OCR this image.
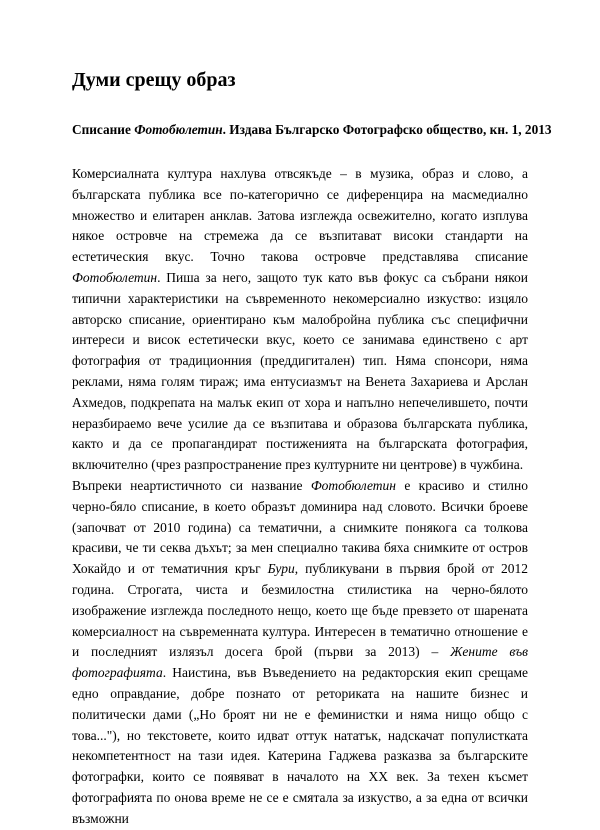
Думи срещу образ

Списание Фотобюлетин. Издава Българско Фотографско общество, кн. 1, 2013

Комерсиалната култура нахлува отвсякъде – в музика, образ и слово, а българската публика все по-категорично се диференцира на масмедиално множество и елитарен анклав. Затова изглежда освежително, когато изплува някое островче на стремежа да се възпитават високи стандарти на естетическия вкус. Точно такова островче представлява списание Фотобюлетин. Пиша за него, защото тук като във фокус са събрани някои типични характеристики на съвременното некомерсиално изкуство: изцяло авторско списание, ориентирано към малобройна публика със специфични интереси и висок естетически вкус, което се занимава единствено с арт фотография от традиционния (преддигитален) тип. Няма спонсори, няма реклами, няма голям тираж; има ентусиазмът на Венета Захариева и Арслан Ахмедов, подкрепата на малък екип от хора и напълно непечелившето, почти неразбираемо вече усилие да се възпитава и образова българската публика, както и да се пропагандират постиженията на българската фотография, включително (чрез разпространение през културните ни центрове) в чужбина.

Въпреки неартистичното си название Фотобюлетин е красиво и стилно черно-бяло списание, в което образът доминира над словото. Всички броеве (започват от 2010 година) са тематични, а снимките понякога са толкова красиви, че ти секва дъхът; за мен специално такива бяха снимките от остров Хокайдо и от тематичния кръг Бури, публикувани в първия брой от 2012 година. Строгата, чиста и безмилостна стилистика на черно-бялото изображение изглежда последното нещо, което ще бъде превзето от шарената комерсиалност на съвременната култура. Интересен в тематично отношение е и последният излязъл досега брой (първи за 2013) – Жените във фотографията. Наистина, във Въведението на редакторския екип срещаме едно оправдание, добре познато от реториката на нашите бизнес и политически дами („Но броят ни не е феминистки и няма нищо общо с това..."), но текстовете, които идват оттук нататък, надскачат популистката некомпетентност на тази идея. Катерина Гаджева разказва за българските фотографки, които се появяват в началото на XX век. За техен късмет фотографията по онова време не се е смятала за изкуство, а за една от всички възможни
